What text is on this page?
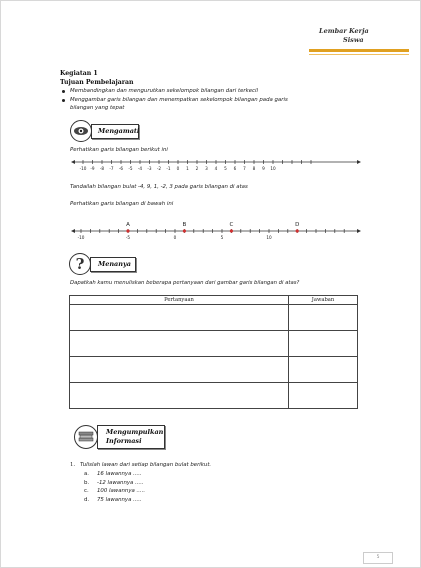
Lembar Kerja
Siswa
Kegiatan 1
Tujuan Pembelajaran
Membandingkan dan mengurutkan sekelompok bilangan dari terkecil
Menggambar garis bilangan dan menempatkan sekelompok bilangan pada garis
bilangan yang tepat
Mengamati
Perhatikan garis bilangan berikut ini
Tandailah bilangan bulat -4, 9, 1, -2, 3 pada garis bilangan di atas
Perhatikan garis bilangan di bawah ini
Menanya
?
Dapatkah kamu menuliskan beberapa pertanyaan dari gambar garis bilangan di atas?
Pertanyaan	Jawaban

Mengumpulkan
Informasi
1. Tulislah lawan dari setiap bilangan bulat berikut.
5
-10 -9	-8	-7	-6	-5	-4	-3	-2	-1	0	1	2	3	4	5	6	7	8	9	10
A	B	C	D
-10	-5	0	5	10
a. 16 lawannya .....
b. -12 lawannya .....
c. 100 lawannya .....
d. 75 lawannya .....
